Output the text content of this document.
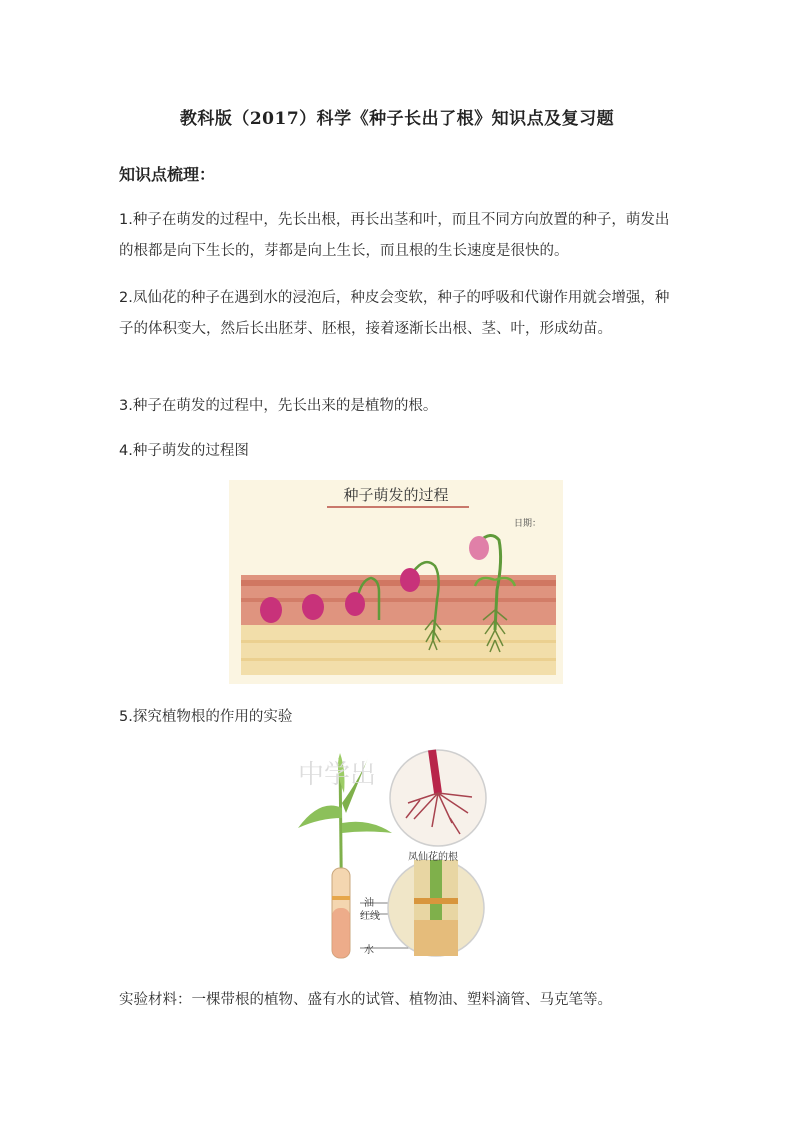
教科版（2017）科学《种子长出了根》知识点及复习题
知识点梳理：

1.种子在萌发的过程中，先长出根，再长出茎和叶，而且不同方向放置的种子，萌发出的根都是向下生长的，芽都是向上生长，而且根的生长速度是很快的。

2.凤仙花的种子在遇到水的浸泡后，种皮会变软，种子的呼吸和代谢作用就会增强，种子的体积变大，然后长出胚芽、胚根，接着逐渐长出根、茎、叶，形成幼苗。

3.种子在萌发的过程中，先长出来的是植物的根。

4.种子萌发的过程图

种子萌发的过程
日期：

5.探究植物根的作用的实验

中学出
凤仙花的根
油
红线
水

实验材料：一棵带根的植物、盛有水的试管、植物油、塑料滴管、马克笔等。
